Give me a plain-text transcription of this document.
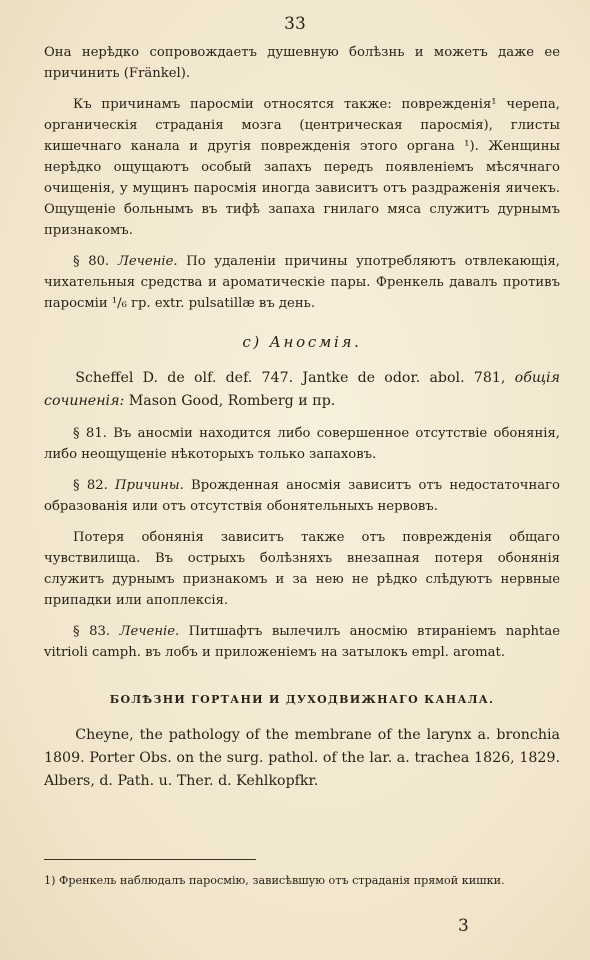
33

Она нерѣдко сопровождаетъ душевную болѣзнь и можетъ даже ее причинить (Fränkel).

Къ причинамъ паросміи относятся также: поврежденія¹ черепа, органическія страданія мозга (центрическая паросмія), глисты кишечнаго канала и другія поврежденія этого органа ¹). Женщины нерѣдко ощущаютъ особый запахъ передъ появленіемъ мѣсячнаго очищенія, у мущинъ паросмія иногда зависитъ отъ раздраженія яичекъ. Ощущеніе больнымъ въ тифѣ запаха гнилаго мяса служитъ дурнымъ признакомъ.

§ 80. Леченіе. По удаленіи причины употребляютъ отвлекающія, чихательныя средства и ароматическіе пары. Френкель давалъ противъ паросміи ¹/₆ гр. extr. pulsatillæ въ день.

c) Аносмія.

Scheffel D. de olf. def. 747. Jantke de odor. abol. 781, общія сочиненія: Mason Good, Romberg и пр.

§ 81. Въ аносміи находится либо совершенное отсутствіе обонянія, либо неощущеніе нѣкоторыхъ только запаховъ.

§ 82. Причины. Врожденная аносмія зависитъ отъ недостаточнаго образованія или отъ отсутствія обонятельныхъ нервовъ.

Потеря обонянія зависитъ также отъ поврежденія общаго чувствилища. Въ острыхъ болѣзняхъ внезапная потеря обонянія служитъ дурнымъ признакомъ и за нею не рѣдко слѣдуютъ нервные припадки или апоплексія.

§ 83. Леченіе. Питшафтъ вылечилъ аносмію втираніемъ naphtae vitrioli camph. въ лобъ и приложеніемъ на затылокъ empl. aromat.

БОЛѢЗНИ ГОРТАНИ И ДУХОДВИЖНАГО КАНАЛА.

Cheyne, the pathology of the membrane of the larynx a. bronchia 1809. Porter Obs. on the surg. pathol. of the lar. a. trachea 1826, 1829. Albers, d. Path. u. Ther. d. Kehlkopfkr.

1) Френкель наблюдалъ паросмію, зависѣвшую отъ страданія прямой кишки.
3
